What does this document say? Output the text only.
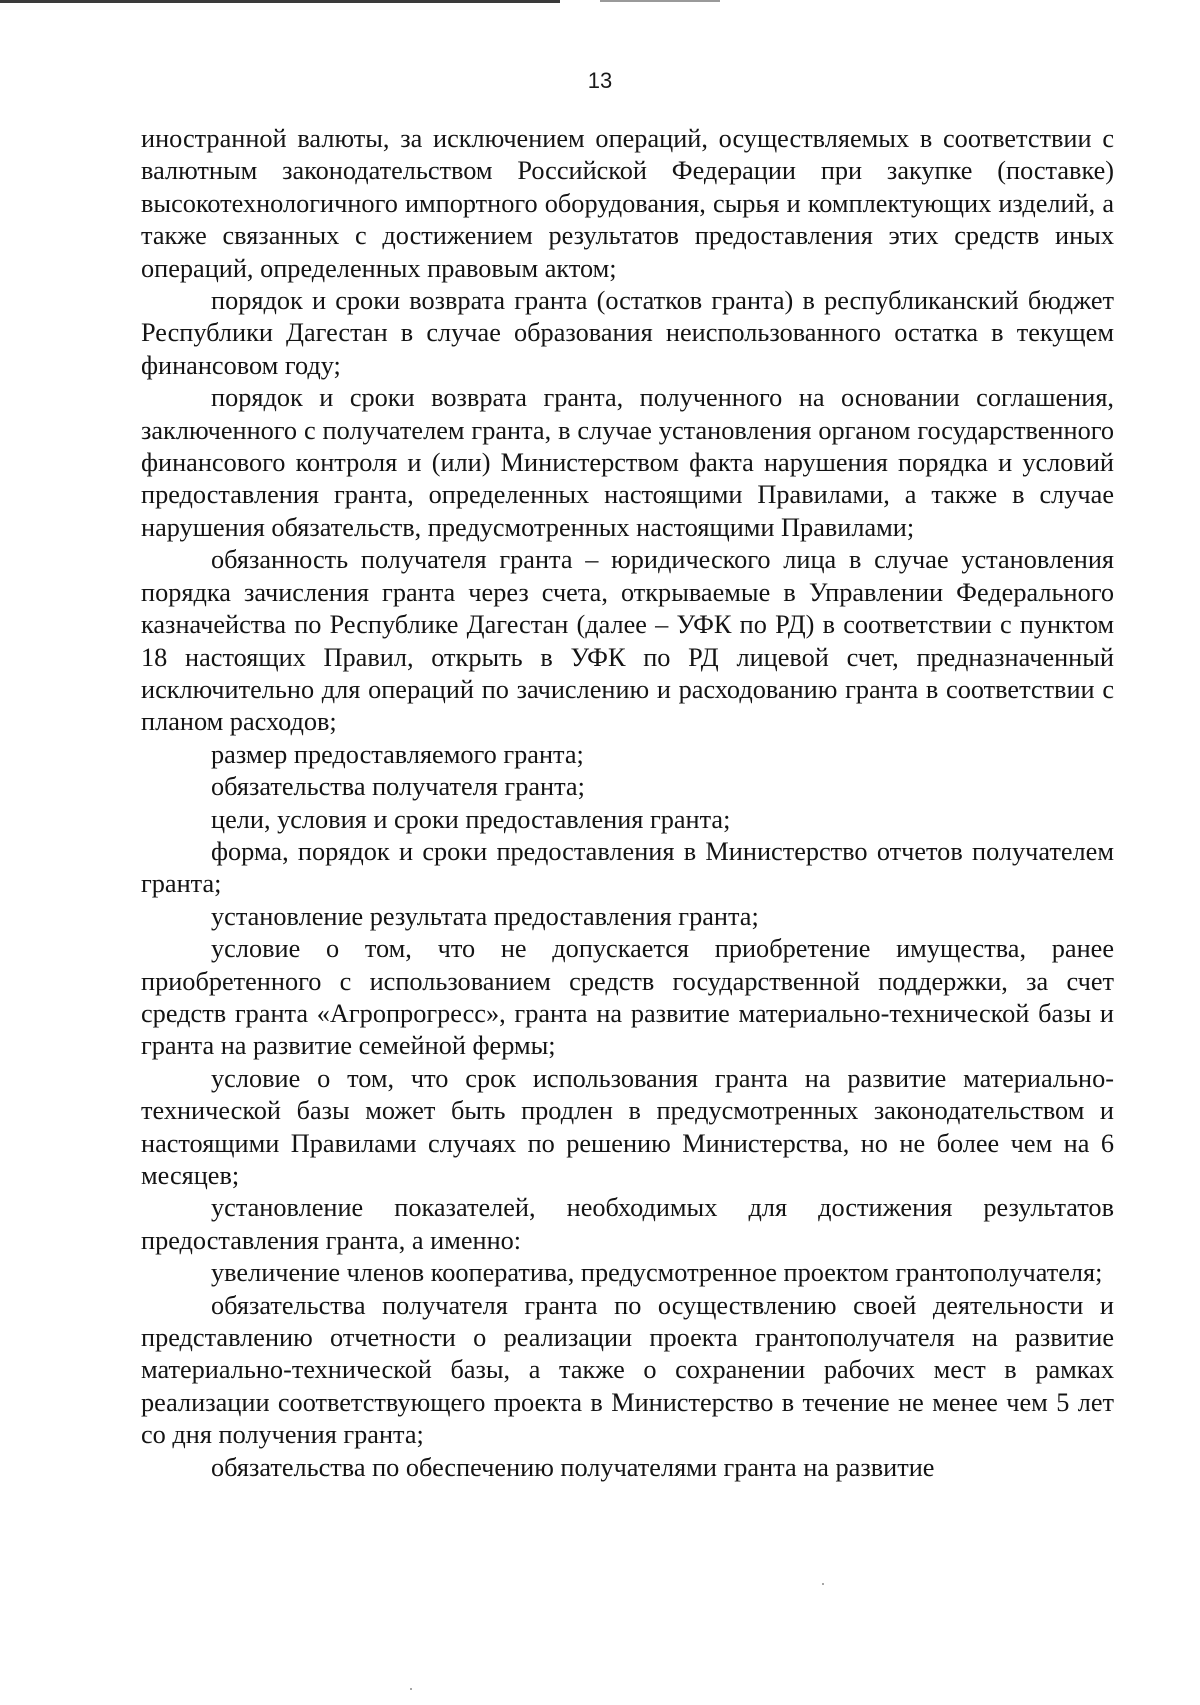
13

иностранной валюты, за исключением операций, осуществляемых в соответствии с валютным законодательством Российской Федерации при закупке (поставке) высокотехнологичного импортного оборудования, сырья и комплектующих изделий, а также связанных с достижением результатов предоставления этих средств иных операций, определенных правовым актом;

порядок и сроки возврата гранта (остатков гранта) в республиканский бюджет Республики Дагестан в случае образования неиспользованного остатка в текущем финансовом году;

порядок и сроки возврата гранта, полученного на основании соглашения, заключенного с получателем гранта, в случае установления органом государственного финансового контроля и (или) Министерством факта нарушения порядка и условий предоставления гранта, определенных настоящими Правилами, а также в случае нарушения обязательств, предусмотренных настоящими Правилами;

обязанность получателя гранта – юридического лица в случае установления порядка зачисления гранта через счета, открываемые в Управлении Федерального казначейства по Республике Дагестан (далее – УФК по РД) в соответствии с пунктом 18 настоящих Правил, открыть в УФК по РД лицевой счет, предназначенный исключительно для операций по зачислению и расходованию гранта в соответствии с планом расходов;

размер предоставляемого гранта;

обязательства получателя гранта;

цели, условия и сроки предоставления гранта;

форма, порядок и сроки предоставления в Министерство отчетов получателем гранта;

установление результата предоставления гранта;

условие о том, что не допускается приобретение имущества, ранее приобретенного с использованием средств государственной поддержки, за счет средств гранта «Агропрогресс», гранта на развитие материально-технической базы и гранта на развитие семейной фермы;

условие о том, что срок использования гранта на развитие материально-технической базы может быть продлен в предусмотренных законодательством и настоящими Правилами случаях по решению Министерства, но не более чем на 6 месяцев;

установление показателей, необходимых для достижения результатов предоставления гранта, а именно:

увеличение членов кооператива, предусмотренное проектом грантополучателя;

обязательства получателя гранта по осуществлению своей деятельности и представлению отчетности о реализации проекта грантополучателя на развитие материально-технической базы, а также о сохранении рабочих мест в рамках реализации соответствующего проекта в Министерство в течение не менее чем 5 лет со дня получения гранта;

обязательства по обеспечению получателями гранта на развитие
